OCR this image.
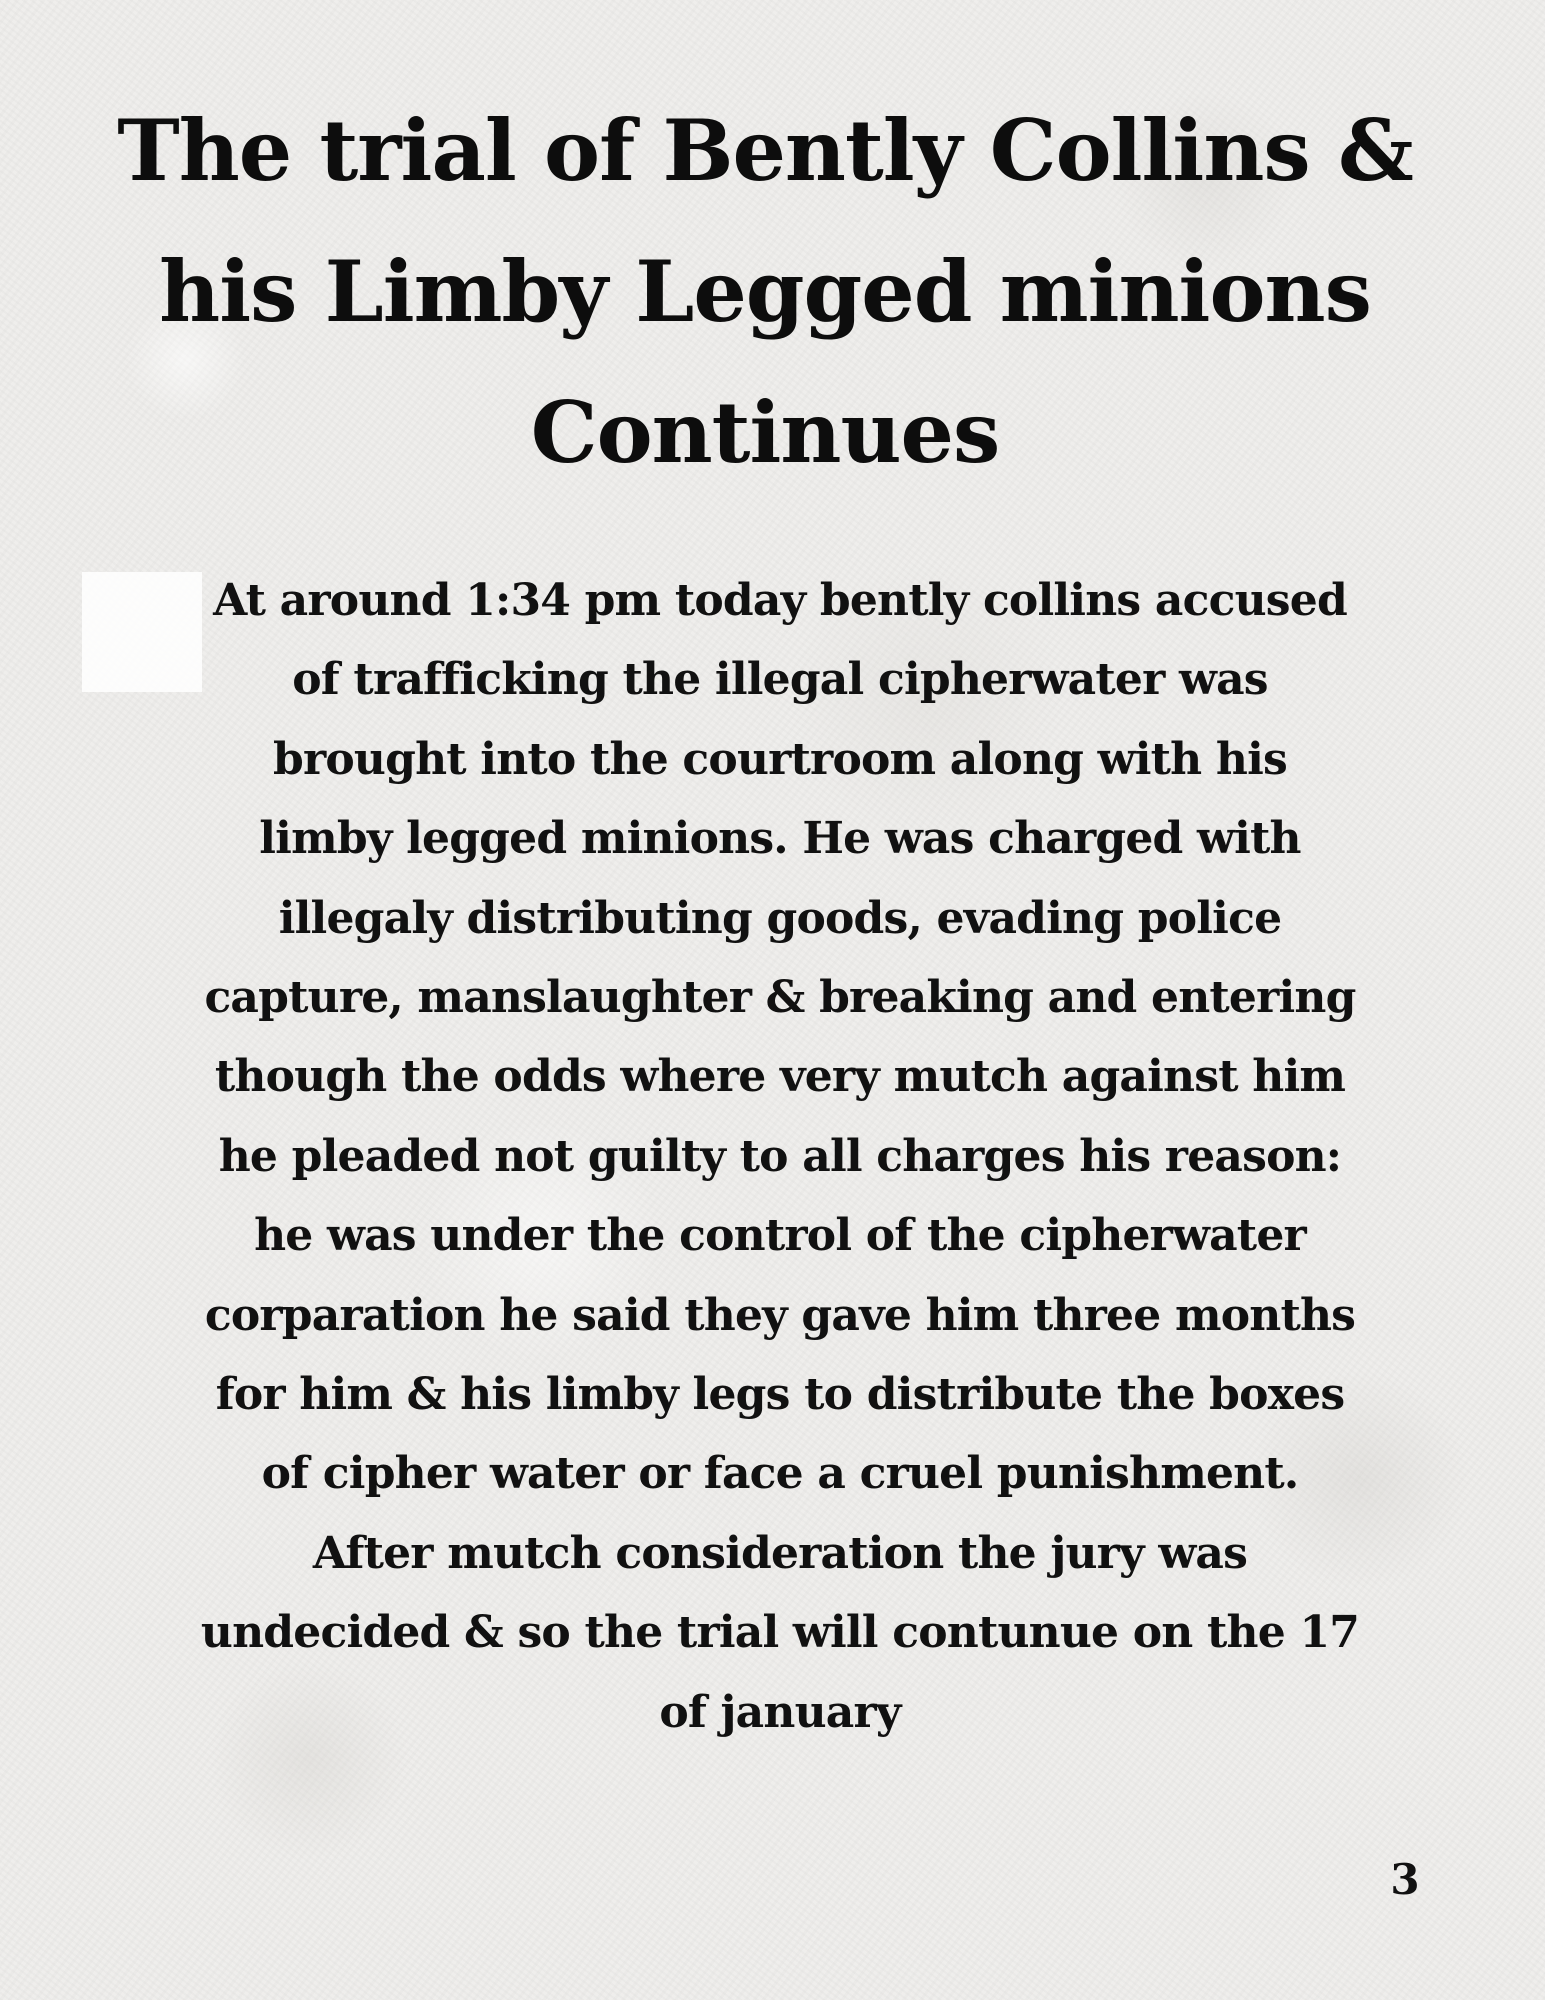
The trial of Bently Collins &
his Limby Legged minions
Continues
At around 1:34 pm today bently collins accused
of trafficking the illegal cipherwater was
brought into the courtroom along with his
limby legged minions. He was charged with
illegaly distributing goods, evading police
capture, manslaughter & breaking and entering
though the odds where very mutch against him
he pleaded not guilty to all charges his reason:
he was under the control of the cipherwater
corparation he said they gave him three months
for him & his limby legs to distribute the boxes
of cipher water or face a cruel punishment.
After mutch consideration the jury was
undecided & so the trial will contunue on the 17
of january
3
